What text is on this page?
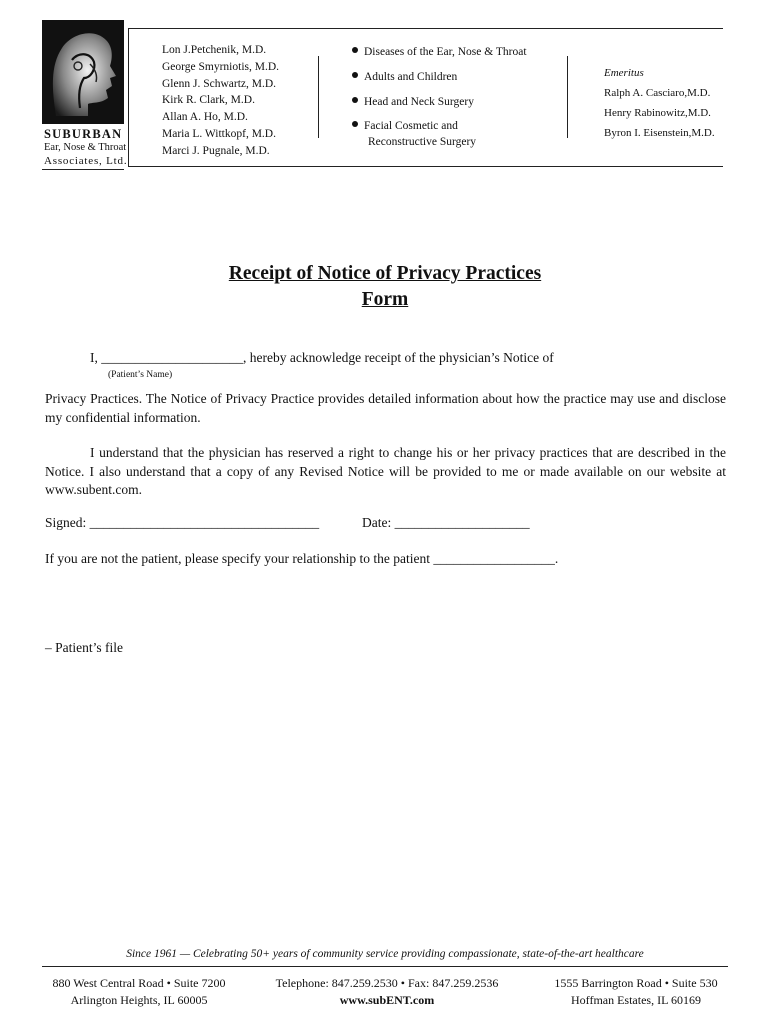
SUBURBAN
Ear, Nose & Throat
Associates, Ltd.
Lon J.Petchenik, M.D.
George Smyrniotis, M.D.
Glenn J. Schwartz, M.D.
Kirk R. Clark, M.D.
Allan A. Ho, M.D.
Maria L. Wittkopf, M.D.
Marci J. Pugnale, M.D.
Diseases of the Ear, Nose & Throat
Adults and Children
Head and Neck Surgery
Facial Cosmetic and
Reconstructive Surgery
Emeritus
Ralph A. Casciaro,M.D.
Henry Rabinowitz,M.D.
Byron I. Eisenstein,M.D.
Receipt of Notice of Privacy Practices
Form
I, _____________________, hereby acknowledge receipt of the physician’s Notice of
(Patient’s Name)
Privacy Practices. The Notice of Privacy Practice provides detailed information about how the practice may use and disclose my confidential information.
I understand that the physician has reserved a right to change his or her privacy practices that are described in the Notice. I also understand that a copy of any Revised Notice will be provided to me or made available on our website at www.subent.com.
Signed: __________________________________	Date: ____________________
If you are not the patient, please specify your relationship to the patient __________________.
– Patient’s file
Since 1961 — Celebrating 50+ years of community service providing compassionate, state-of-the-art healthcare
880 West Central Road • Suite 7200
Arlington Heights, IL 60005
Telephone: 847.259.2530 • Fax: 847.259.2536
www.subENT.com
1555 Barrington Road • Suite 530
Hoffman Estates, IL 60169
